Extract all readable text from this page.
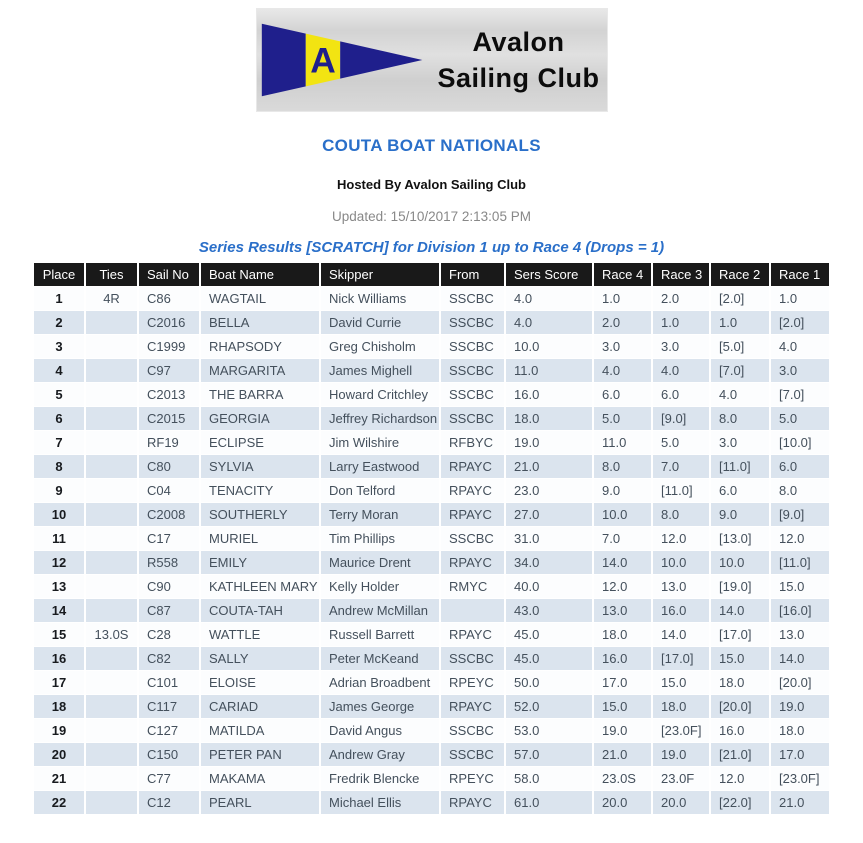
A	Avalon
Sailing Club
COUTA BOAT NATIONALS
Hosted By Avalon Sailing Club
Updated: 15/10/2017 2:13:05 PM
Series Results [SCRATCH] for Division 1 up to Race 4 (Drops = 1)
Place	Ties	Sail No	Boat Name	Skipper	From	Sers Score	Race 4	Race 3	Race 2	Race 1
1	4R	C86	WAGTAIL	Nick Williams	SSCBC	4.0	1.0	2.0	[2.0]	1.0
2		C2016	BELLA	David Currie	SSCBC	4.0	2.0	1.0	1.0	[2.0]
3		C1999	RHAPSODY	Greg Chisholm	SSCBC	10.0	3.0	3.0	[5.0]	4.0
4		C97	MARGARITA	James Mighell	SSCBC	11.0	4.0	4.0	[7.0]	3.0
5		C2013	THE BARRA	Howard Critchley	SSCBC	16.0	6.0	6.0	4.0	[7.0]
6		C2015	GEORGIA	Jeffrey Richardson	SSCBC	18.0	5.0	[9.0]	8.0	5.0
7		RF19	ECLIPSE	Jim Wilshire	RFBYC	19.0	11.0	5.0	3.0	[10.0]
8		C80	SYLVIA	Larry Eastwood	RPAYC	21.0	8.0	7.0	[11.0]	6.0
9		C04	TENACITY	Don Telford	RPAYC	23.0	9.0	[11.0]	6.0	8.0
10		C2008	SOUTHERLY	Terry Moran	RPAYC	27.0	10.0	8.0	9.0	[9.0]
11		C17	MURIEL	Tim Phillips	SSCBC	31.0	7.0	12.0	[13.0]	12.0
12		R558	EMILY	Maurice Drent	RPAYC	34.0	14.0	10.0	10.0	[11.0]
13		C90	KATHLEEN MARY	Kelly Holder	RMYC	40.0	12.0	13.0	[19.0]	15.0
14		C87	COUTA-TAH	Andrew McMillan		43.0	13.0	16.0	14.0	[16.0]
15	13.0S	C28	WATTLE	Russell Barrett	RPAYC	45.0	18.0	14.0	[17.0]	13.0
16		C82	SALLY	Peter McKeand	SSCBC	45.0	16.0	[17.0]	15.0	14.0
17		C101	ELOISE	Adrian Broadbent	RPEYC	50.0	17.0	15.0	18.0	[20.0]
18		C117	CARIAD	James George	RPAYC	52.0	15.0	18.0	[20.0]	19.0
19		C127	MATILDA	David Angus	SSCBC	53.0	19.0	[23.0F]	16.0	18.0
20		C150	PETER PAN	Andrew Gray	SSCBC	57.0	21.0	19.0	[21.0]	17.0
21		C77	MAKAMA	Fredrik Blencke	RPEYC	58.0	23.0S	23.0F	12.0	[23.0F]
22		C12	PEARL	Michael Ellis	RPAYC	61.0	20.0	20.0	[22.0]	21.0
